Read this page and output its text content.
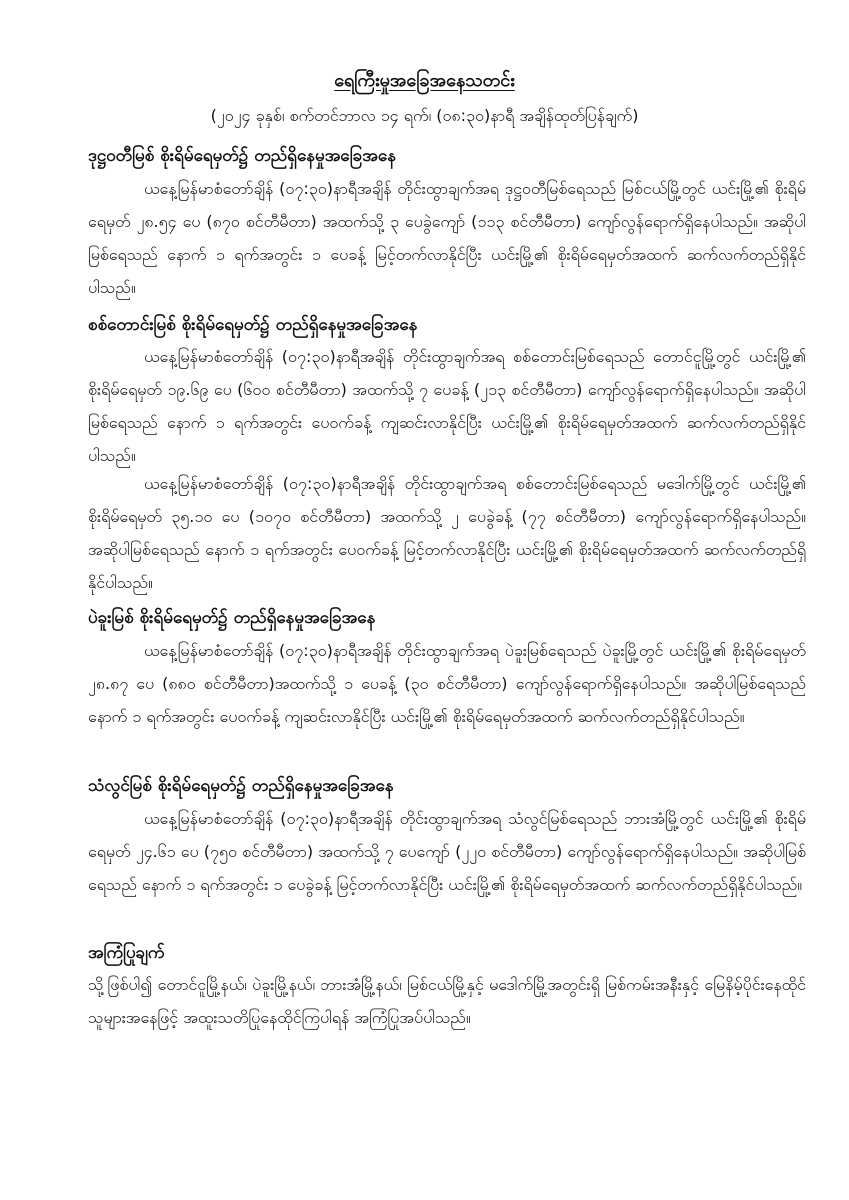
ရေကြီးမှုအခြေအနေသတင်း
(၂၀၂၄ ခုနှစ်၊ စက်တင်ဘာလ ၁၄ ရက်၊ (၀၈:၃၀)နာရီ အချိန်ထုတ်ပြန်ချက်)
ဒုဋ္ဌဝတီမြစ် စိုးရိမ်ရေမှတ်၌ တည်ရှိနေမှုအခြေအနေ

ယနေ့မြန်မာစံတော်ချိန် (၀၇:၃၀)နာရီအချိန် တိုင်းထွာချက်အရ ဒုဋ္ဌဝတီမြစ်ရေသည် မြစ်ငယ်မြို့တွင် ယင်းမြို့၏ စိုးရိမ်ရေမှတ် ၂၈.၅၄ ပေ (၈၇၀ စင်တီမီတာ) အထက်သို့ ၃ ပေခွဲကျော် (၁၁၃ စင်တီမီတာ) ကျော်လွန်ရောက်ရှိနေပါသည်။ အဆိုပါမြစ်ရေသည် နောက် ၁ ရက်အတွင်း ၁ ပေခန့် မြင့်တက်လာနိုင်ပြီး ယင်းမြို့၏ စိုးရိမ်ရေမှတ်အထက် ဆက်လက်တည်ရှိနိုင်ပါသည်။

စစ်တောင်းမြစ် စိုးရိမ်ရေမှတ်၌ တည်ရှိနေမှုအခြေအနေ

ယနေ့မြန်မာစံတော်ချိန် (၀၇:၃၀)နာရီအချိန် တိုင်းထွာချက်အရ စစ်တောင်းမြစ်ရေသည် တောင်ငူမြို့တွင် ယင်းမြို့၏ စိုးရိမ်ရေမှတ် ၁၉.၆၉ ပေ (၆၀၀ စင်တီမီတာ) အထက်သို့ ၇ ပေခန့် (၂၁၃ စင်တီမီတာ) ကျော်လွန်ရောက်ရှိနေပါသည်။ အဆိုပါမြစ်ရေသည် နောက် ၁ ရက်အတွင်း ပေဝက်ခန့် ကျဆင်းလာနိုင်ပြီး ယင်းမြို့၏ စိုးရိမ်ရေမှတ်အထက် ဆက်လက်တည်ရှိနိုင်ပါသည်။

ယနေ့မြန်မာစံတော်ချိန် (၀၇:၃၀)နာရီအချိန် တိုင်းထွာချက်အရ စစ်တောင်းမြစ်ရေသည် မဒေါက်မြို့တွင် ယင်းမြို့၏ စိုးရိမ်ရေမှတ် ၃၅.၁၀ ပေ (၁၀၇၀ စင်တီမီတာ) အထက်သို့ ၂ ပေခွဲခန့် (၇၇ စင်တီမီတာ) ကျော်လွန်ရောက်ရှိနေပါသည်။ အဆိုပါမြစ်ရေသည် နောက် ၁ ရက်အတွင်း ပေဝက်ခန့် မြင့်တက်လာနိုင်ပြီး ယင်းမြို့၏ စိုးရိမ်ရေမှတ်အထက် ဆက်လက်တည်ရှိနိုင်ပါသည်။

ပဲခူးမြစ် စိုးရိမ်ရေမှတ်၌ တည်ရှိနေမှုအခြေအနေ

ယနေ့မြန်မာစံတော်ချိန် (၀၇:၃၀)နာရီအချိန် တိုင်းထွာချက်အရ ပဲခူးမြစ်ရေသည် ပဲခူးမြို့တွင် ယင်းမြို့၏ စိုးရိမ်ရေမှတ် ၂၈.၈၇ ပေ (၈၈၀ စင်တီမီတာ)အထက်သို့ ၁ ပေခန့် (၃၀ စင်တီမီတာ) ကျော်လွန်ရောက်ရှိနေပါသည်။ အဆိုပါမြစ်ရေသည် နောက် ၁ ရက်အတွင်း ပေဝက်ခန့် ကျဆင်းလာနိုင်ပြီး ယင်းမြို့၏ စိုးရိမ်ရေမှတ်အထက် ဆက်လက်တည်ရှိနိုင်ပါသည်။

သံလွင်မြစ် စိုးရိမ်ရေမှတ်၌ တည်ရှိနေမှုအခြေအနေ

ယနေ့မြန်မာစံတော်ချိန် (၀၇:၃၀)နာရီအချိန် တိုင်းထွာချက်အရ သံလွင်မြစ်ရေသည် ဘားအံမြို့တွင် ယင်းမြို့၏ စိုးရိမ်ရေမှတ် ၂၄.၆၁ ပေ (၇၅၀ စင်တီမီတာ) အထက်သို့ ၇ ပေကျော် (၂၂၀ စင်တီမီတာ) ကျော်လွန်ရောက်ရှိနေပါသည်။ အဆိုပါမြစ်ရေသည် နောက် ၁ ရက်အတွင်း ၁ ပေခွဲခန့် မြင့်တက်လာနိုင်ပြီး ယင်းမြို့၏ စိုးရိမ်ရေမှတ်အထက် ဆက်လက်တည်ရှိနိုင်ပါသည်။

အကြံပြုချက်

သို့ဖြစ်ပါ၍ တောင်ငူမြို့နယ်၊ ပဲခူးမြို့နယ်၊ ဘားအံမြို့နယ်၊ မြစ်ငယ်မြို့နှင့် မဒေါက်မြို့အတွင်းရှိ မြစ်ကမ်းအနီးနှင့် မြေနိမ့်ပိုင်းနေထိုင်သူများအနေဖြင့် အထူးသတိပြုနေထိုင်ကြပါရန် အကြံပြုအပ်ပါသည်။
